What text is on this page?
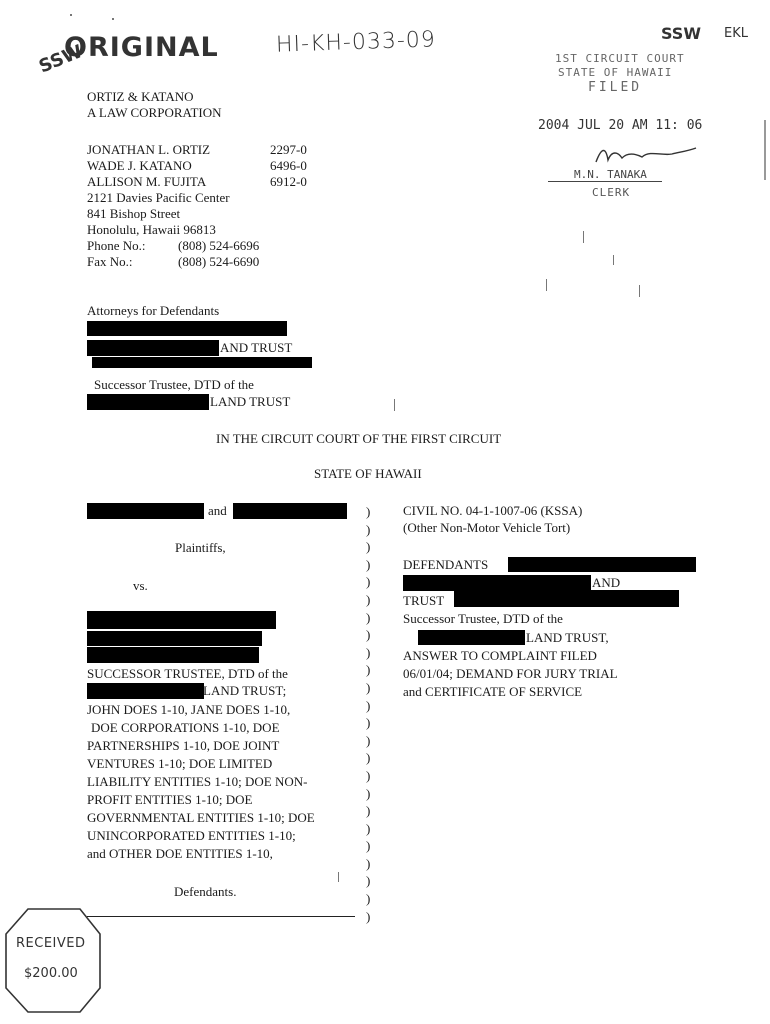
SSW
ORIGINAL	HI-KH-033-09	SSW EKL
1ST CIRCUIT COURT
STATE OF HAWAII
FILED
2004 JUL 20 AM 11: 06
M.N. TANAKA
CLERK
ORTIZ & KATANO
A LAW CORPORATION
JONATHAN L. ORTIZ	2297-0
WADE J. KATANO	6496-0
ALLISON M. FUJITA	6912-0
2121 Davies Pacific Center
841 Bishop Street
Honolulu, Hawaii 96813
Phone No.:	(808) 524-6696
Fax No.:	(808) 524-6690
Attorneys for Defendants
AND TRUST
Successor Trustee, DTD of the
LAND TRUST
IN THE CIRCUIT COURT OF THE FIRST CIRCUIT
STATE OF HAWAII
and
Plaintiffs,
vs.
SUCCESSOR TRUSTEE, DTD of the
LAND TRUST;
JOHN DOES 1-10, JANE DOES 1-10,
DOE CORPORATIONS 1-10, DOE
PARTNERSHIPS 1-10, DOE JOINT
VENTURES 1-10; DOE LIMITED
LIABILITY ENTITIES 1-10; DOE NON-
PROFIT ENTITIES 1-10; DOE
GOVERNMENTAL ENTITIES 1-10; DOE
UNINCORPORATED ENTITIES 1-10;
and OTHER DOE ENTITIES 1-10,
Defendants.
)
)
)
)
)
)
)
)
)
)
)
)
)
)
)
)
)
)
)
)
)
)
)
)
CIVIL NO. 04-1-1007-06 (KSSA)
(Other Non-Motor Vehicle Tort)
DEFENDANTS
AND
TRUST
Successor Trustee, DTD of the
LAND TRUST,
ANSWER TO COMPLAINT FILED
06/01/04; DEMAND FOR JURY TRIAL
and CERTIFICATE OF SERVICE
RECEIVED
$200.00
